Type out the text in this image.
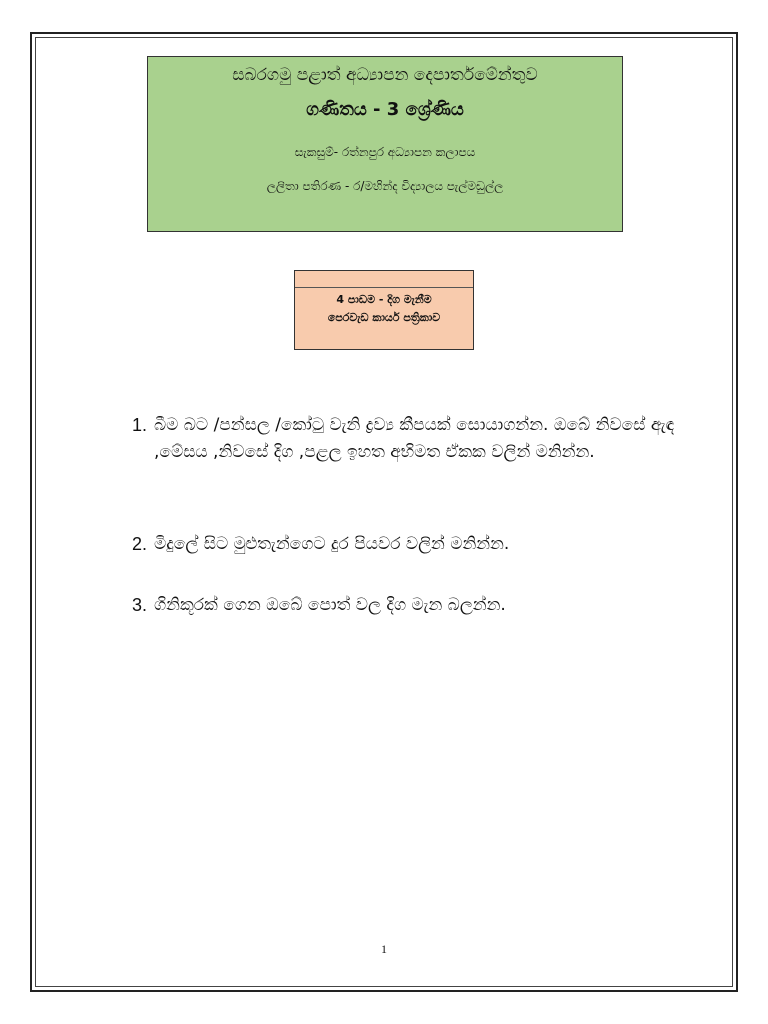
සබරගමු පළාත් අධ්‍යාපන දෙපාර්තමේන්තුව
ගණිතය - 3 ශ්‍රේණිය
සැකසුම්- රත්නපුර අධ්‍යාපන කලාපය
ලලිතා පතිරණ - ර/මහින්ද විද්‍යාලය පැල්මඩුල්ල
4 පාඩම - දිග මැනීම
පෙරවැඩ කාර්ය පත්‍රිකාව
1. බීම බට /පන්සල /කෝටු වැනි ද්‍රව්‍ය කීපයක් සොයාගන්න. ඔබේ නිවසේ ඇඳ ,මේසය ,නිවසේ දිග ,පළල ඉහත අභිමත ඒකක වලින් මනින්න.
2. මිදුලේ සිට මුළුතැන්ගෙට දුර පියවර වලින් මනින්න.
3. ගිනිකූරක් ගෙන ඔබේ පොත් වල දිග මැන බලන්න.
1
